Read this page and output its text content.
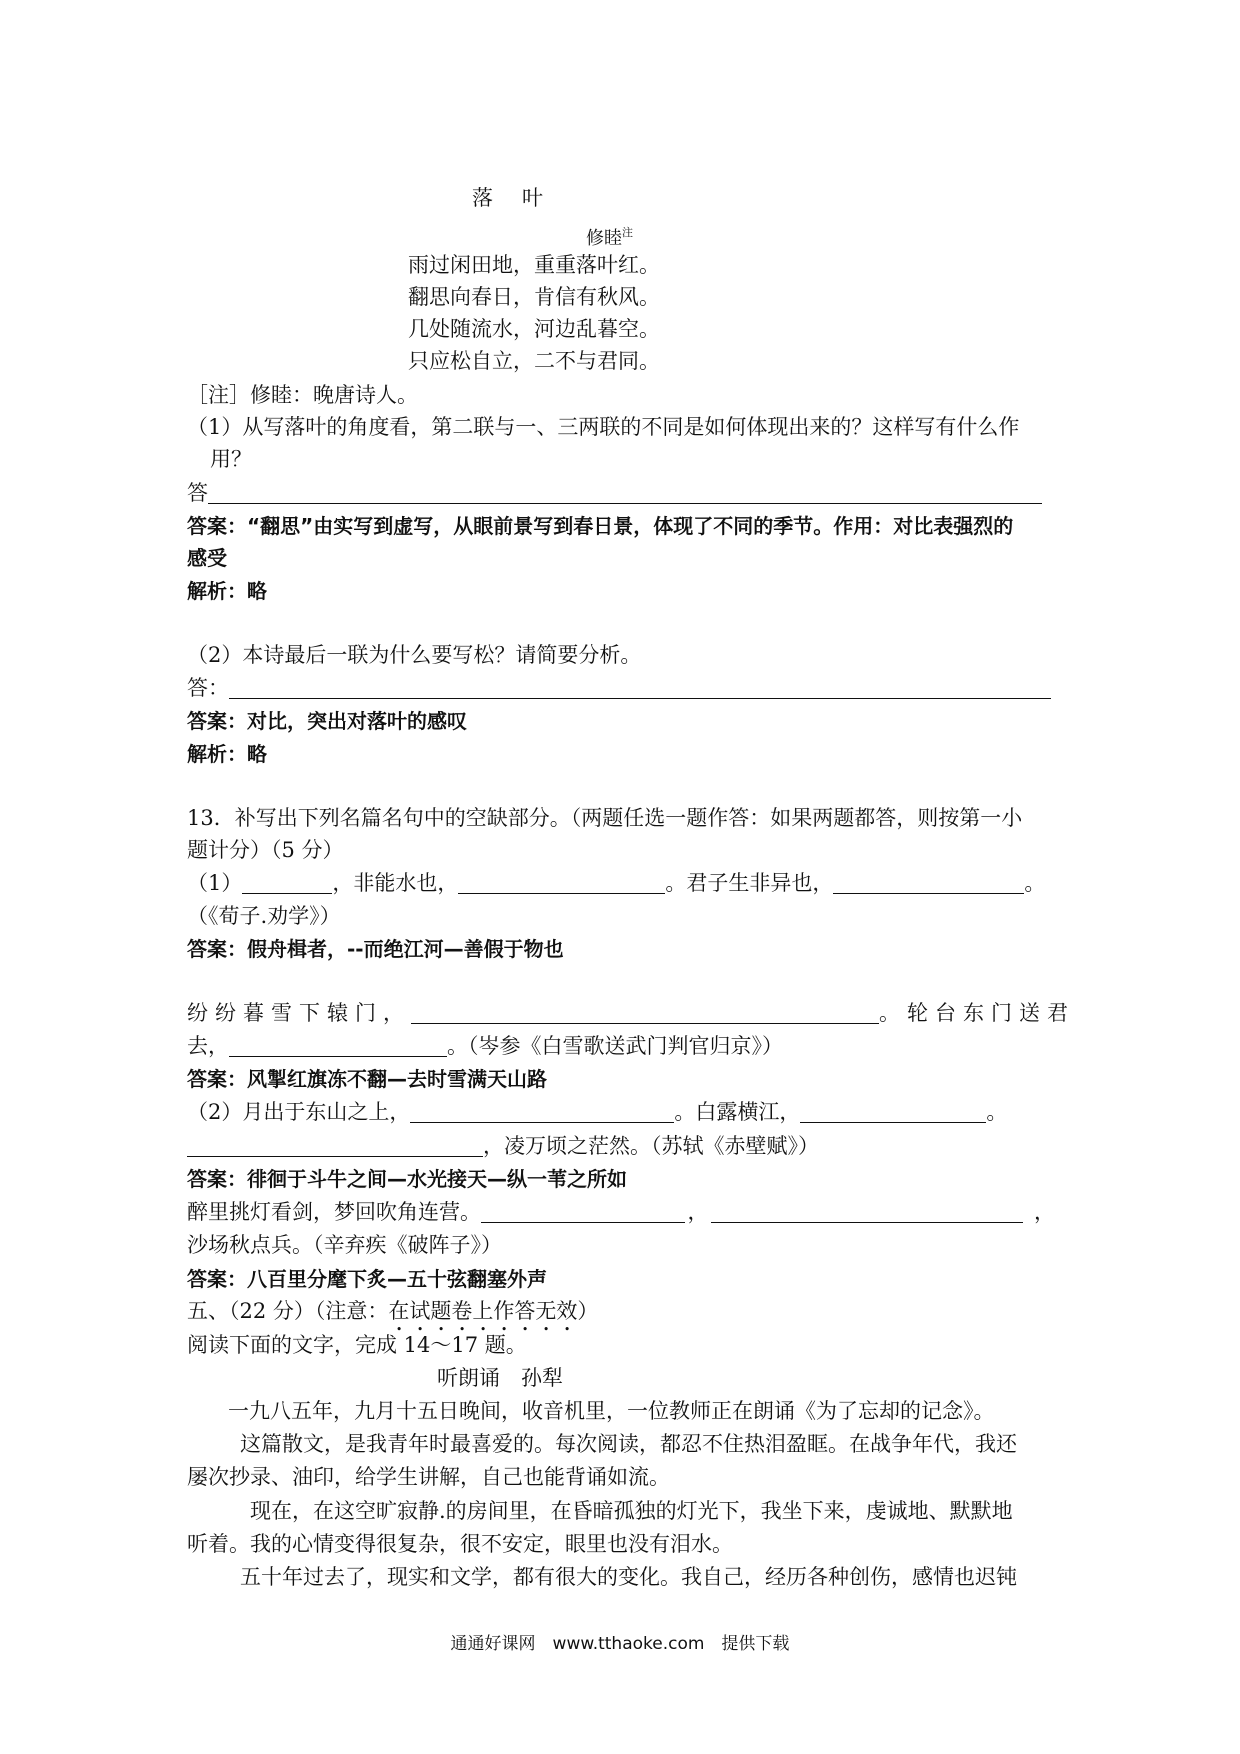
落　叶
修睦$^注$
雨过闲田地，重重落叶红。
翻思向春日，肯信有秋风。
几处随流水，河边乱暮空。
只应松自立，二不与君同。
［注］修睦：晚唐诗人。
（1）从写落叶的角度看，第二联与一、三两联的不同是如何体现出来的？这样写有什么作
用？
答
答案：“翻思”由实写到虚写，从眼前景写到春日景，体现了不同的季节。作用：对比表强烈的
感受
解析：略
（2）本诗最后一联为什么要写松？请简要分析。
答：
答案：对比，突出对落叶的感叹
解析：略
13．补写出下列名篇名句中的空缺部分。（两题任选一题作答：如果两题都答，则按第一小
题计分）（5 分）
（1）	，非能水也，	。君子生非异也，	。
（《荀子.劝学》）
答案：假舟楫者，--而绝江河—善假于物也
纷纷暮雪下辕门，	。轮台东门送君
去，	。（岑参《白雪歌送武门判官归京》）
答案：风掣红旗冻不翻—去时雪满天山路
（2）月出于东山之上，	。白露横江，	。
，凌万顷之茫然。（苏轼《赤壁赋》）
答案：徘徊于斗牛之间—水光接天—纵一苇之所如
醉里挑灯看剑，梦回吹角连营。	，	，
沙场秋点兵。（辛弃疾《破阵子》）
答案：八百里分麾下炙—五十弦翻塞外声
五、（22 分）（注意：在试题卷上作答无效）
阅读下面的文字，完成 14～17 题。
听朗诵　孙犁
一九八五年，九月十五日晚间，收音机里，一位教师正在朗诵《为了忘却的记念》。
这篇散文，是我青年时最喜爱的。每次阅读，都忍不住热泪盈眶。在战争年代，我还
屡次抄录、油印，给学生讲解，自己也能背诵如流。
现在，在这空旷寂静.的房间里，在昏暗孤独的灯光下，我坐下来，虔诚地、默默地
听着。我的心情变得很复杂，很不安定，眼里也没有泪水。
五十年过去了，现实和文学，都有很大的变化。我自己，经历各种创伤，感情也迟钝
通通好课网　www.tthaoke.com　提供下载
